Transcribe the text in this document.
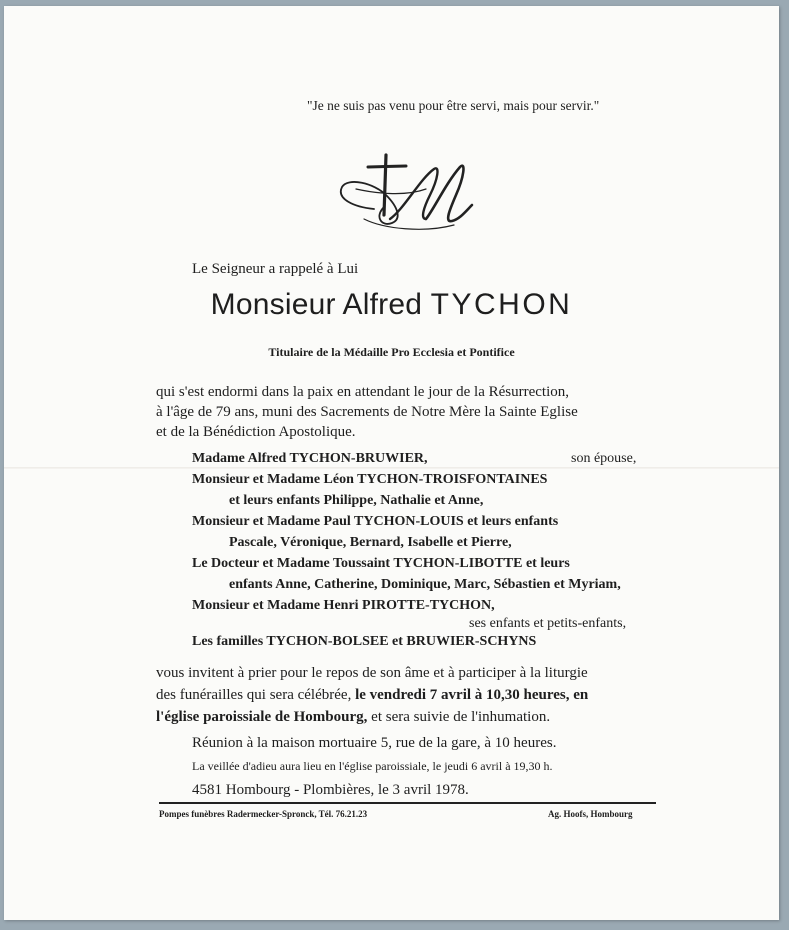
"Je ne suis pas venu pour être servi, mais pour servir."
Le Seigneur a rappelé à Lui
Monsieur Alfred TYCHON
Titulaire de la Médaille Pro Ecclesia et Pontifice
qui s'est endormi dans la paix en attendant le jour de la Résurrection,
à l'âge de 79 ans, muni des Sacrements de Notre Mère la Sainte Eglise
et de la Bénédiction Apostolique.
Madame Alfred TYCHON-BRUWIER,	son épouse,
Monsieur et Madame Léon TYCHON-TROISFONTAINES
et leurs enfants Philippe, Nathalie et Anne,
Monsieur et Madame Paul TYCHON-LOUIS et leurs enfants
Pascale, Véronique, Bernard, Isabelle et Pierre,
Le Docteur et Madame Toussaint TYCHON-LIBOTTE et leurs
enfants Anne, Catherine, Dominique, Marc, Sébastien et Myriam,
Monsieur et Madame Henri PIROTTE-TYCHON,
ses enfants et petits-enfants,
Les familles TYCHON-BOLSEE et BRUWIER-SCHYNS
vous invitent à prier pour le repos de son âme et à participer à la liturgie
des funérailles qui sera célébrée, le vendredi 7 avril à 10,30 heures, en
l'église paroissiale de Hombourg, et sera suivie de l'inhumation.
Réunion à la maison mortuaire 5, rue de la gare, à 10 heures.
La veillée d'adieu aura lieu en l'église paroissiale, le jeudi 6 avril à 19,30 h.
4581 Hombourg - Plombières, le 3 avril 1978.
Pompes funèbres Radermecker-Spronck, Tél. 76.21.23	Ag. Hoofs, Hombourg
